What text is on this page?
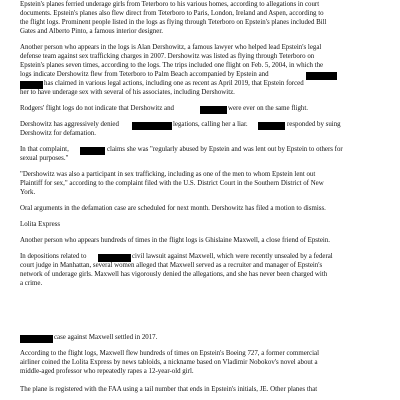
Epstein's planes ferried underage girls from Teterboro to his various homes, according to allegations in court
documents. Epstein's planes also flew direct from Teterboro to Paris, London, Ireland and Aspen, according to
the flight logs. Prominent people listed in the logs as flying through Teterboro on Epstein's planes included Bill
Gates and Alberto Pinto, a famous interior designer.
Another person who appears in the logs is Alan Dershowitz, a famous lawyer who helped lead Epstein's legal
defense team against sex trafficking charges in 2007. Dershowitz was listed as flying through Teterboro on
Epstein's planes seven times, according to the logs. The trips included one flight on Feb. 5, 2004, in which the
logs indicate Dershowitz flew from Teterboro to Palm Beach accompanied by Epstein and
has claimed in various legal actions, including one as recent as April 2019, that Epstein forced
her to have underage sex with several of his associates, including Dershowitz.
Rodgers' flight logs do not indicate that Dershowitz and	were ever on the same flight.
Dershowitz has aggressively denied	legations, calling her a liar.	responded by suing
Dershowitz for defamation.
In that complaint,	claims she was "regularly abused by Epstein and was lent out by Epstein to others for
sexual purposes."
"Dershowitz was also a participant in sex trafficking, including as one of the men to whom Epstein lent out
Plaintiff for sex," according to the complaint filed with the U.S. District Court in the Southern District of New
York.
Oral arguments in the defamation case are scheduled for next month. Dershowitz has filed a motion to dismiss.
Lolita Express
Another person who appears hundreds of times in the flight logs is Ghislaine Maxwell, a close friend of Epstein.
In depositions related to	civil lawsuit against Maxwell, which were recently unsealed by a federal
court judge in Manhattan, several women alleged that Maxwell served as a recruiter and manager of Epstein's
network of underage girls. Maxwell has vigorously denied the allegations, and she has never been charged with
a crime.
case against Maxwell settled in 2017.
According to the flight logs, Maxwell flew hundreds of times on Epstein's Boeing 727, a former commercial
airliner coined the Lolita Express by news tabloids, a nickname based on Vladimir Nobokov's novel about a
middle-aged professor who repeatedly rapes a 12-year-old girl.
The plane is registered with the FAA using a tail number that ends in Epstein's initials, JE. Other planes that
